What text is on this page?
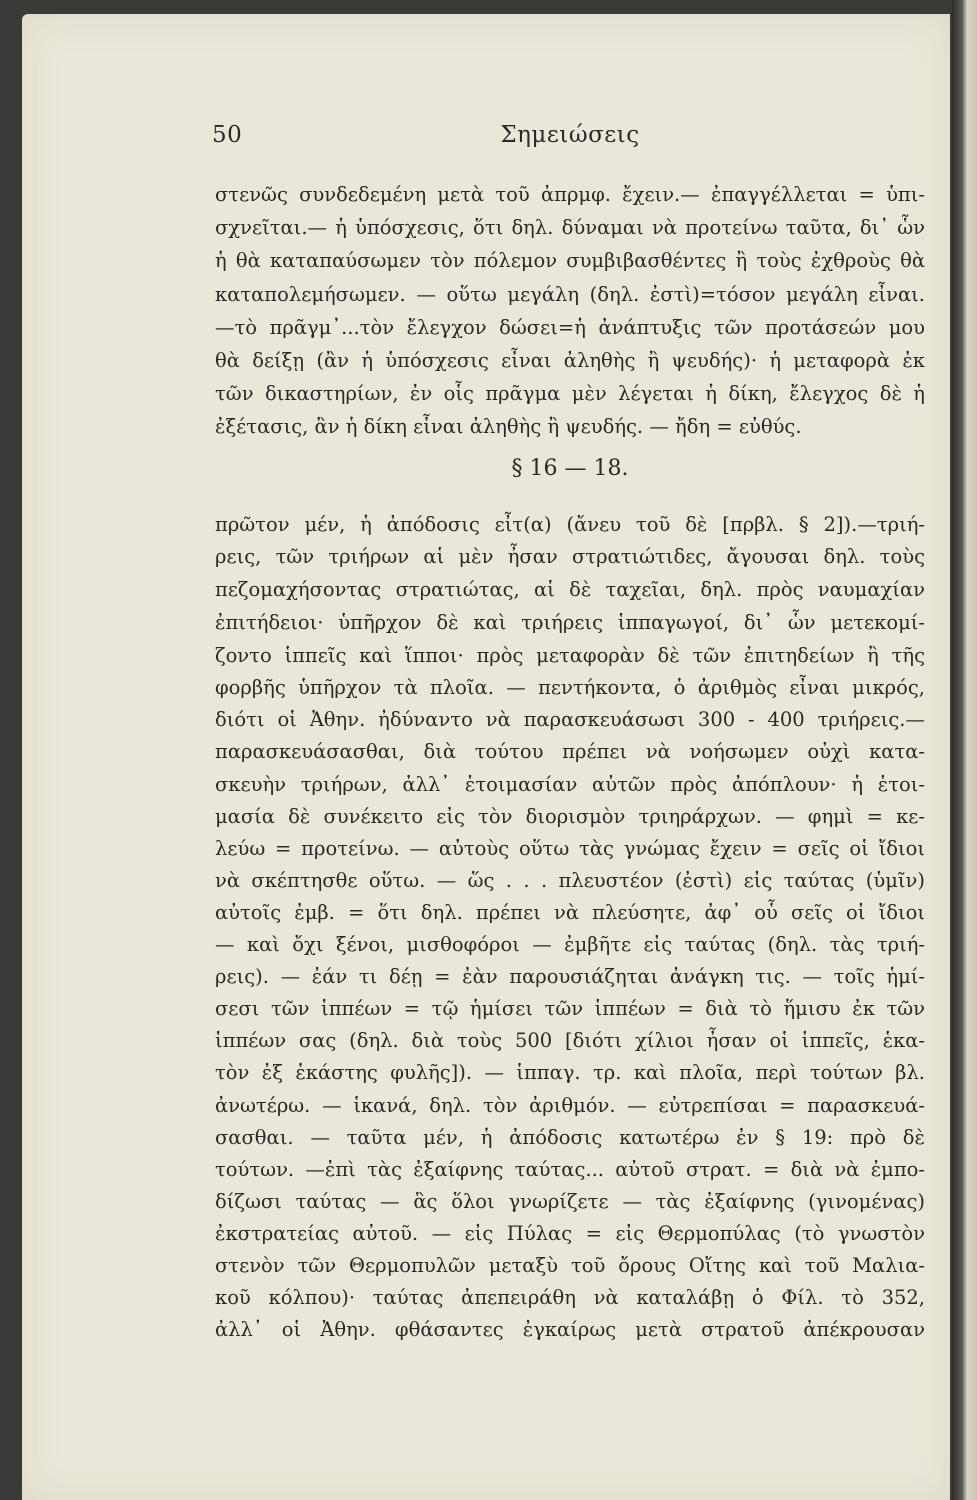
50	Σημειώσεις
στενῶς συνδεδεμένη μετὰ τοῦ ἀπρμφ. ἔχειν.— ἐπαγγέλλεται = ὑπι-
σχνεῖται.— ἡ ὑπόσχεσις, ὅτι δηλ. δύναμαι νὰ προτείνω ταῦτα, δι᾽ ὧν
ἡ θὰ καταπαύσωμεν τὸν πόλεμον συμβιβασθέντες ἢ τοὺς ἐχθροὺς θὰ
καταπολεμήσωμεν. — οὕτω μεγάλη (δηλ. ἐστὶ)=τόσον μεγάλη εἶναι.
—τὸ πρᾶγμ᾽...τὸν ἔλεγχον δώσει=ἡ ἀνάπτυξις τῶν προτάσεών μου
θὰ δείξῃ (ἂν ἡ ὑπόσχεσις εἶναι ἀληθὴς ἢ ψευδής)· ἡ μεταφορὰ ἐκ
τῶν δικαστηρίων, ἐν οἷς πρᾶγμα μὲν λέγεται ἡ δίκη, ἔλεγχος δὲ ἡ
ἐξέτασις, ἂν ἡ δίκη εἶναι ἀληθὴς ἢ ψευδής. — ἤδη = εὐθύς.
§ 16 — 18.
πρῶτον μέν, ἡ ἀπόδοσις εἶτ(α) (ἄνευ τοῦ δὲ [πρβλ. § 2]).—τριή-
ρεις, τῶν τριήρων αἱ μὲν ἦσαν στρατιώτιδες, ἄγουσαι δηλ. τοὺς
πεζομαχήσοντας στρατιώτας, αἱ δὲ ταχεῖαι, δηλ. πρὸς ναυμαχίαν
ἐπιτήδειοι· ὑπῆρχον δὲ καὶ τριήρεις ἱππαγωγοί, δι᾽ ὧν μετεκομί-
ζοντο ἱππεῖς καὶ ἵπποι· πρὸς μεταφορὰν δὲ τῶν ἐπιτηδείων ἢ τῆς
φορβῆς ὑπῆρχον τὰ πλοῖα. — πεντήκοντα, ὁ ἀριθμὸς εἶναι μικρός,
διότι οἱ Ἀθην. ἠδύναντο νὰ παρασκευάσωσι 300 - 400 τριήρεις.—
παρασκευάσασθαι, διὰ τούτου πρέπει νὰ νοήσωμεν οὐχὶ κατα-
σκευὴν τριήρων, ἀλλ᾽ ἑτοιμασίαν αὐτῶν πρὸς ἀπόπλουν· ἡ ἑτοι-
μασία δὲ συνέκειτο εἰς τὸν διορισμὸν τριηράρχων. — φημὶ = κε-
λεύω = προτείνω. — αὐτοὺς οὕτω τὰς γνώμας ἔχειν = σεῖς οἱ ἴδιοι
νὰ σκέπτησθε οὕτω. — ὥς . . . πλευστέον (ἐστὶ) εἰς ταύτας (ὑμῖν)
αὐτοῖς ἐμβ. = ὅτι δηλ. πρέπει νὰ πλεύσητε, ἀφ᾽ οὗ σεῖς οἱ ἴδιοι
— καὶ ὄχι ξένοι, μισθοφόροι — ἐμβῆτε εἰς ταύτας (δηλ. τὰς τριή-
ρεις). — ἐάν τι δέῃ = ἐὰν παρουσιάζηται ἀνάγκη τις. — τοῖς ἡμί-
σεσι τῶν ἱππέων = τῷ ἡμίσει τῶν ἱππέων = διὰ τὸ ἥμισυ ἐκ τῶν
ἱππέων σας (δηλ. διὰ τοὺς 500 [διότι χίλιοι ἦσαν οἱ ἱππεῖς, ἑκα-
τὸν ἐξ ἑκάστης φυλῆς]). — ἱππαγ. τρ. καὶ πλοῖα, περὶ τούτων βλ.
ἀνωτέρω. — ἱκανά, δηλ. τὸν ἀριθμόν. — εὐτρεπίσαι = παρασκευά-
σασθαι. — ταῦτα μέν, ἡ ἀπόδοσις κατωτέρω ἐν § 19: πρὸ δὲ
τούτων. —ἐπὶ τὰς ἐξαίφνης ταύτας... αὐτοῦ στρατ. = διὰ νὰ ἐμπο-
δίζωσι ταύτας — ἃς ὅλοι γνωρίζετε — τὰς ἐξαίφνης (γινομένας)
ἐκστρατείας αὐτοῦ. — εἰς Πύλας = εἰς Θερμοπύλας (τὸ γνωστὸν
στενὸν τῶν Θερμοπυλῶν μεταξὺ τοῦ ὄρους Οἴτης καὶ τοῦ Μαλια-
κοῦ κόλπου)· ταύτας ἀπεπειράθη νὰ καταλάβῃ ὁ Φίλ. τὸ 352,
ἀλλ᾽ οἱ Ἀθην. φθάσαντες ἐγκαίρως μετὰ στρατοῦ ἀπέκρουσαν
